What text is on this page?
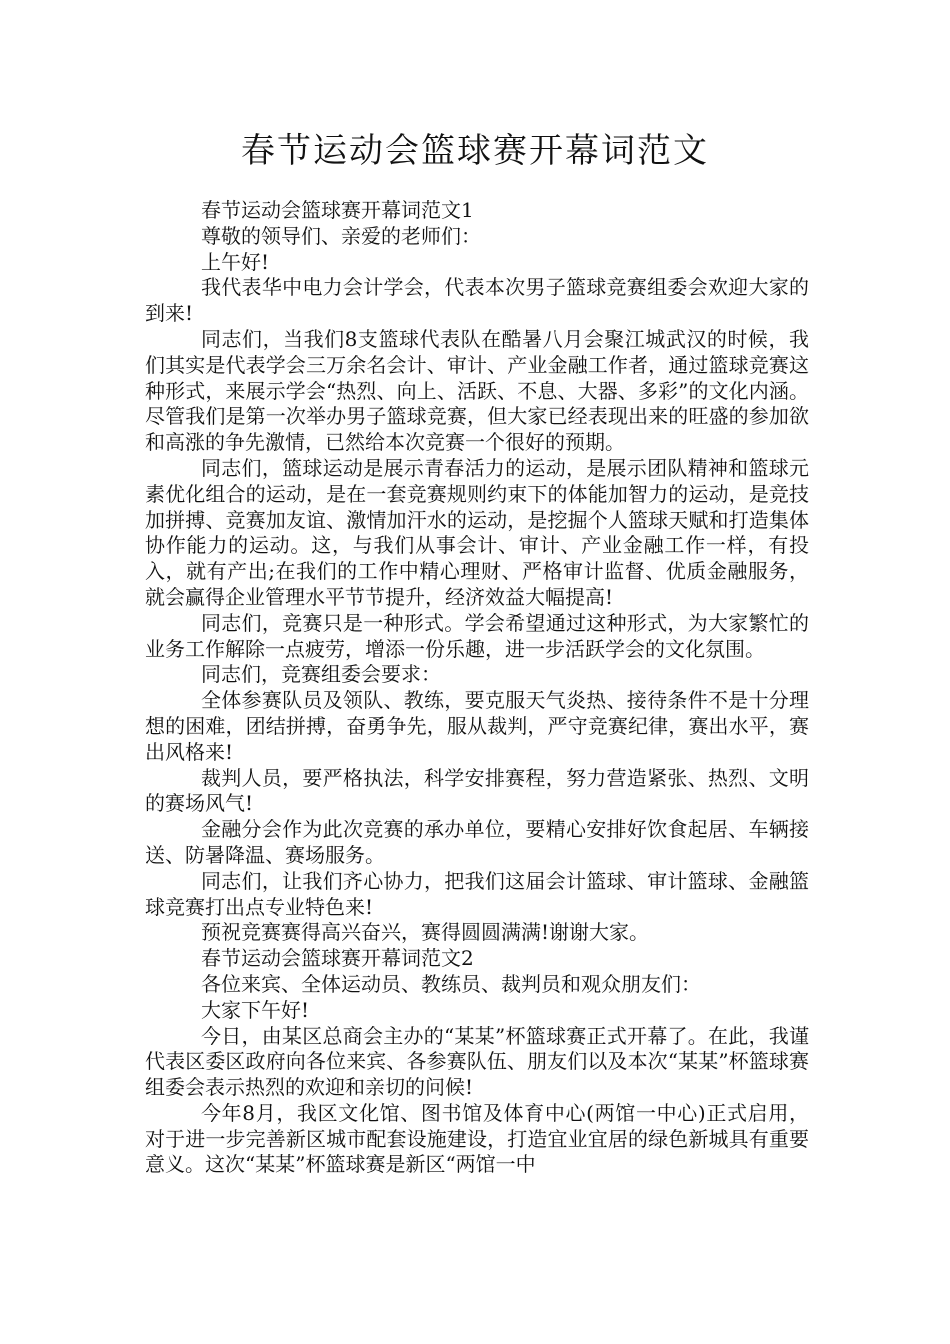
春节运动会篮球赛开幕词范文

春节运动会篮球赛开幕词范文1

尊敬的领导们、亲爱的老师们：

上午好!

我代表华中电力会计学会，代表本次男子篮球竞赛组委会欢迎大家的到来!

同志们，当我们8支篮球代表队在酷暑八月会聚江城武汉的时候，我们其实是代表学会三万余名会计、审计、产业金融工作者，通过篮球竞赛这种形式，来展示学会“热烈、向上、活跃、不息、大器、多彩”的文化内涵。尽管我们是第一次举办男子篮球竞赛，但大家已经表现出来的旺盛的参加欲和高涨的争先激情，已然给本次竞赛一个很好的预期。

同志们，篮球运动是展示青春活力的运动，是展示团队精神和篮球元素优化组合的运动，是在一套竞赛规则约束下的体能加智力的运动，是竞技加拼搏、竞赛加友谊、激情加汗水的运动，是挖掘个人篮球天赋和打造集体协作能力的运动。这，与我们从事会计、审计、产业金融工作一样，有投入，就有产出;在我们的工作中精心理财、严格审计监督、优质金融服务，就会赢得企业管理水平节节提升，经济效益大幅提高!

同志们，竞赛只是一种形式。学会希望通过这种形式，为大家繁忙的业务工作解除一点疲劳，增添一份乐趣，进一步活跃学会的文化氛围。

同志们，竞赛组委会要求：

全体参赛队员及领队、教练，要克服天气炎热、接待条件不是十分理想的困难，团结拼搏，奋勇争先，服从裁判，严守竞赛纪律，赛出水平，赛出风格来!

裁判人员，要严格执法，科学安排赛程，努力营造紧张、热烈、文明的赛场风气!

金融分会作为此次竞赛的承办单位，要精心安排好饮食起居、车辆接送、防暑降温、赛场服务。

同志们，让我们齐心协力，把我们这届会计篮球、审计篮球、金融篮球竞赛打出点专业特色来!

预祝竞赛赛得高兴奋兴，赛得圆圆满满!谢谢大家。

春节运动会篮球赛开幕词范文2

各位来宾、全体运动员、教练员、裁判员和观众朋友们：

大家下午好!

今日，由某区总商会主办的“某某”杯篮球赛正式开幕了。在此，我谨代表区委区政府向各位来宾、各参赛队伍、朋友们以及本次“某某”杯篮球赛组委会表示热烈的欢迎和亲切的问候!

今年8月，我区文化馆、图书馆及体育中心(两馆一中心)正式启用，对于进一步完善新区城市配套设施建设，打造宜业宜居的绿色新城具有重要意义。这次“某某”杯篮球赛是新区“两馆一中
